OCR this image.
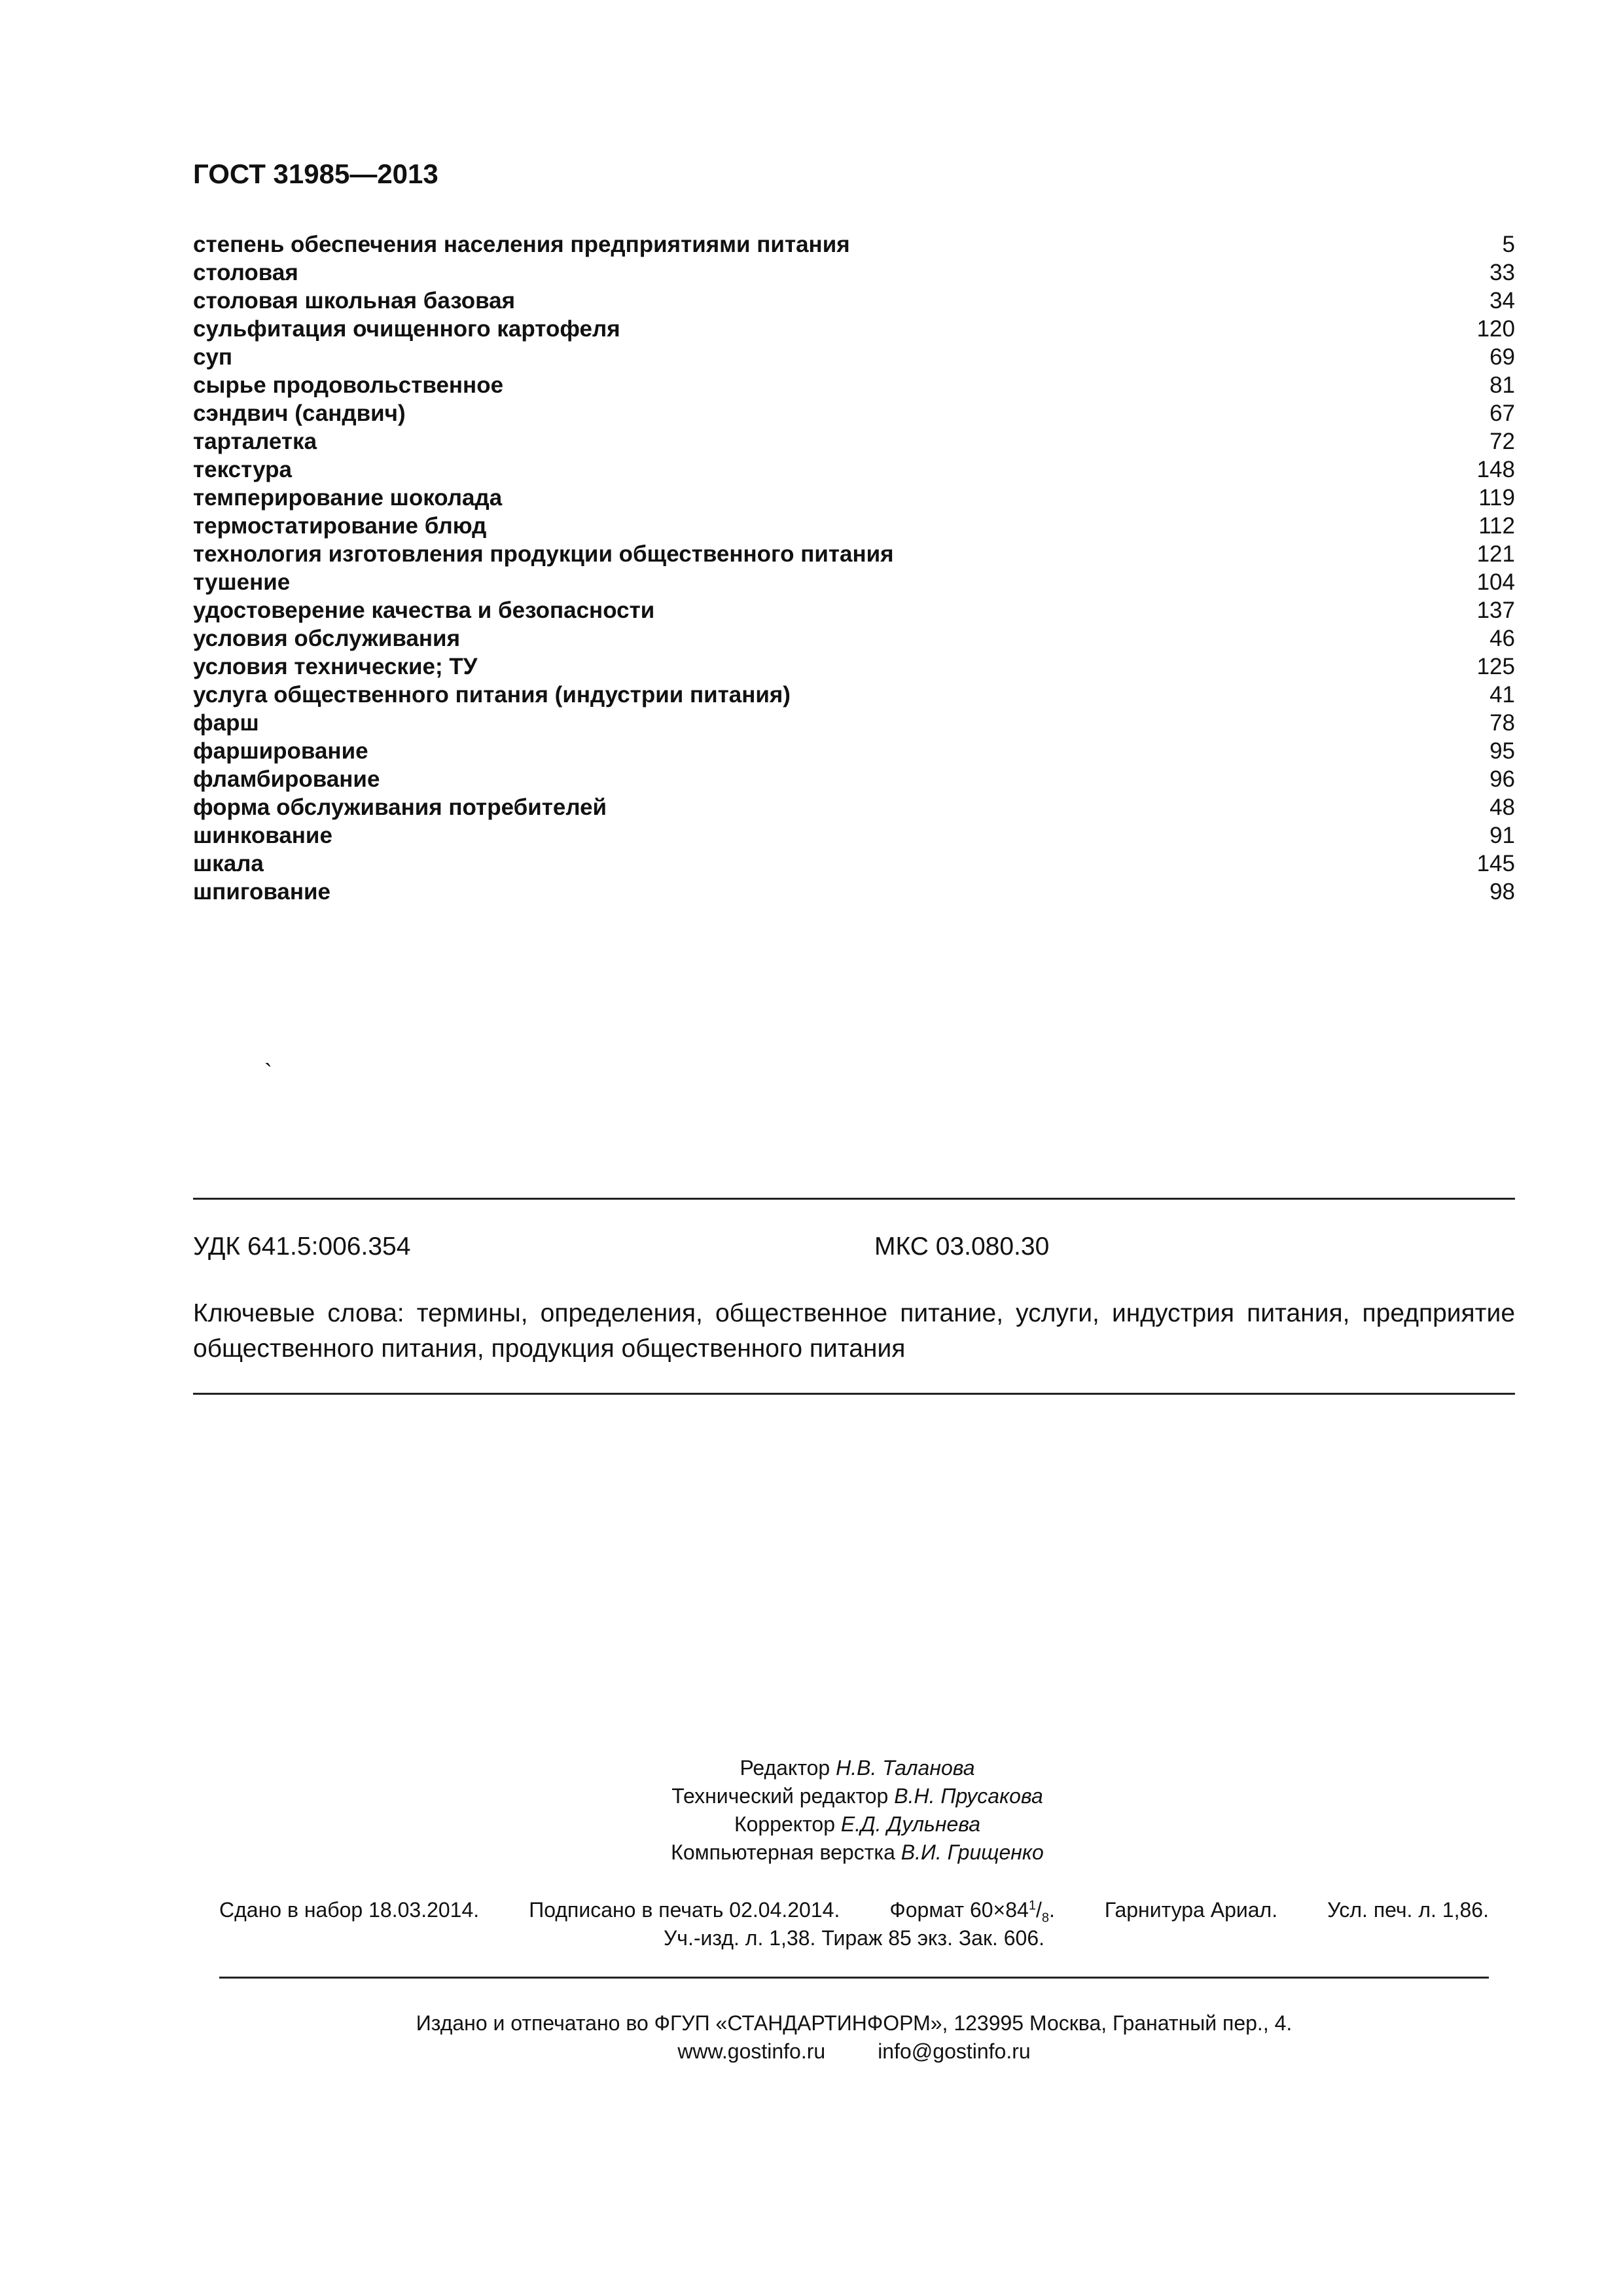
ГОСТ 31985—2013
степень обеспечения населения предприятиями питания	5
столовая	33
столовая школьная базовая	34
сульфитация очищенного картофеля	120
суп	69
сырье продовольственное	81
сэндвич (сандвич)	67
тарталетка	72
текстура	148
темперирование шоколада	119
термостатирование блюд	112
технология изготовления продукции общественного питания	121
тушение	104
удостоверение качества и безопасности	137
условия обслуживания	46
условия технические; ТУ	125
услуга общественного питания (индустрии питания)	41
фарш	78
фарширование	95
фламбирование	96
форма обслуживания потребителей	48
шинкование	91
шкала	145
шпигование	98
`
УДК 641.5:006.354	МКС 03.080.30

Ключевые слова: термины, определения, общественное питание, услуги, индустрия питания, предприятие общественного питания, продукция общественного питания

Редактор Н.В. Таланова
Технический редактор В.Н. Прусакова
Корректор Е.Д. Дульнева
Компьютерная верстка В.И. Грищенко
Сдано в набор 18.03.2014. Подписано в печать 02.04.2014. Формат $60\times 84^1/_8$. Гарнитура Ариал. Усл. печ. л. 1,86.
Уч.-изд. л. 1,38. Тираж 85 экз. Зак. 606.
Издано и отпечатано во ФГУП «СТАНДАРТИНФОРМ», 123995 Москва, Гранатный пер., 4.
www.gostinfo.ru	info@gostinfo.ru
